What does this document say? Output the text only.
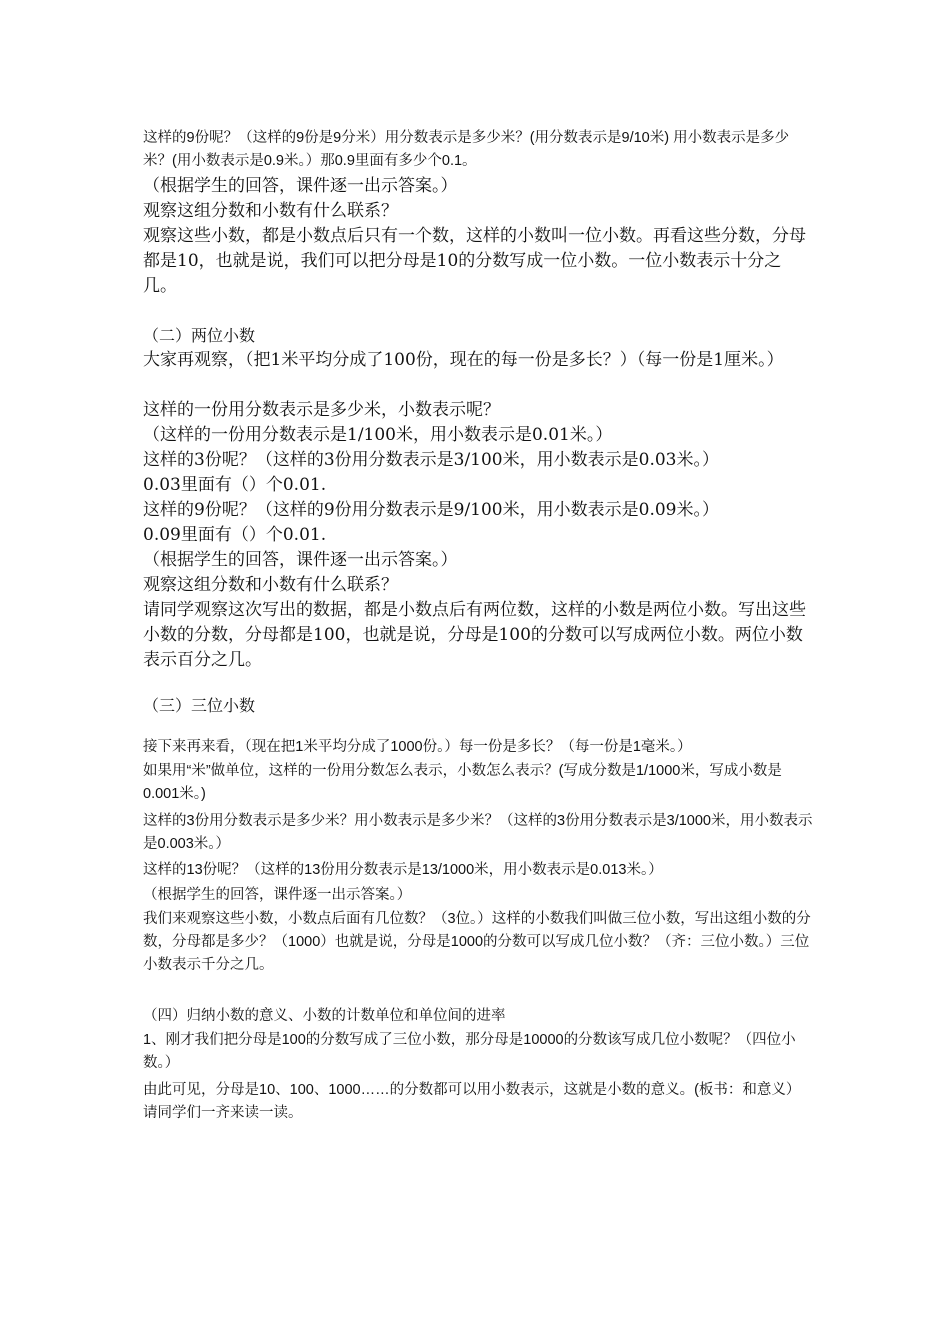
这样的9份呢？（这样的9份是9分米）用分数表示是多少米？(用分数表示是9/10米) 用小数表示是多少米？(用小数表示是0.9米。）那0.9里面有多少个0.1。

（根据学生的回答，课件逐一出示答案。）

观察这组分数和小数有什么联系？

观察这些小数，都是小数点后只有一个数，这样的小数叫一位小数。再看这些分数，分母都是10，也就是说，我们可以把分母是10的分数写成一位小数。一位小数表示十分之几。

（二）两位小数

大家再观察，（把1米平均分成了100份，现在的每一份是多长？）（每一份是1厘米。）

这样的一份用分数表示是多少米，小数表示呢？

（这样的一份用分数表示是1/100米，用小数表示是0.01米。）

这样的3份呢？（这样的3份用分数表示是3/100米，用小数表示是0.03米。）

0.03里面有（）个0.01.

这样的9份呢？（这样的9份用分数表示是9/100米，用小数表示是0.09米。）

0.09里面有（）个0.01.

（根据学生的回答，课件逐一出示答案。）

观察这组分数和小数有什么联系？

请同学观察这次写出的数据，都是小数点后有两位数，这样的小数是两位小数。写出这些小数的分数，分母都是100，也就是说，分母是100的分数可以写成两位小数。两位小数表示百分之几。

（三）三位小数

接下来再来看，（现在把1米平均分成了1000份。）每一份是多长？（每一份是1毫米。）

如果用“米”做单位，这样的一份用分数怎么表示，小数怎么表示？(写成分数是1/1000米，写成小数是0.001米。)

这样的3份用分数表示是多少米？用小数表示是多少米？（这样的3份用分数表示是3/1000米，用小数表示是0.003米。）

这样的13份呢？（这样的13份用分数表示是13/1000米，用小数表示是0.013米。）

（根据学生的回答，课件逐一出示答案。）

我们来观察这些小数，小数点后面有几位数？（3位。）这样的小数我们叫做三位小数，写出这组小数的分数，分母都是多少？（1000）也就是说，分母是1000的分数可以写成几位小数？（齐：三位小数。）三位小数表示千分之几。

（四）归纳小数的意义、小数的计数单位和单位间的进率

1、刚才我们把分母是100的分数写成了三位小数，那分母是10000的分数该写成几位小数呢？（四位小数。）

由此可见，分母是10、100、1000……的分数都可以用小数表示，这就是小数的意义。(板书：和意义）请同学们一齐来读一读。
